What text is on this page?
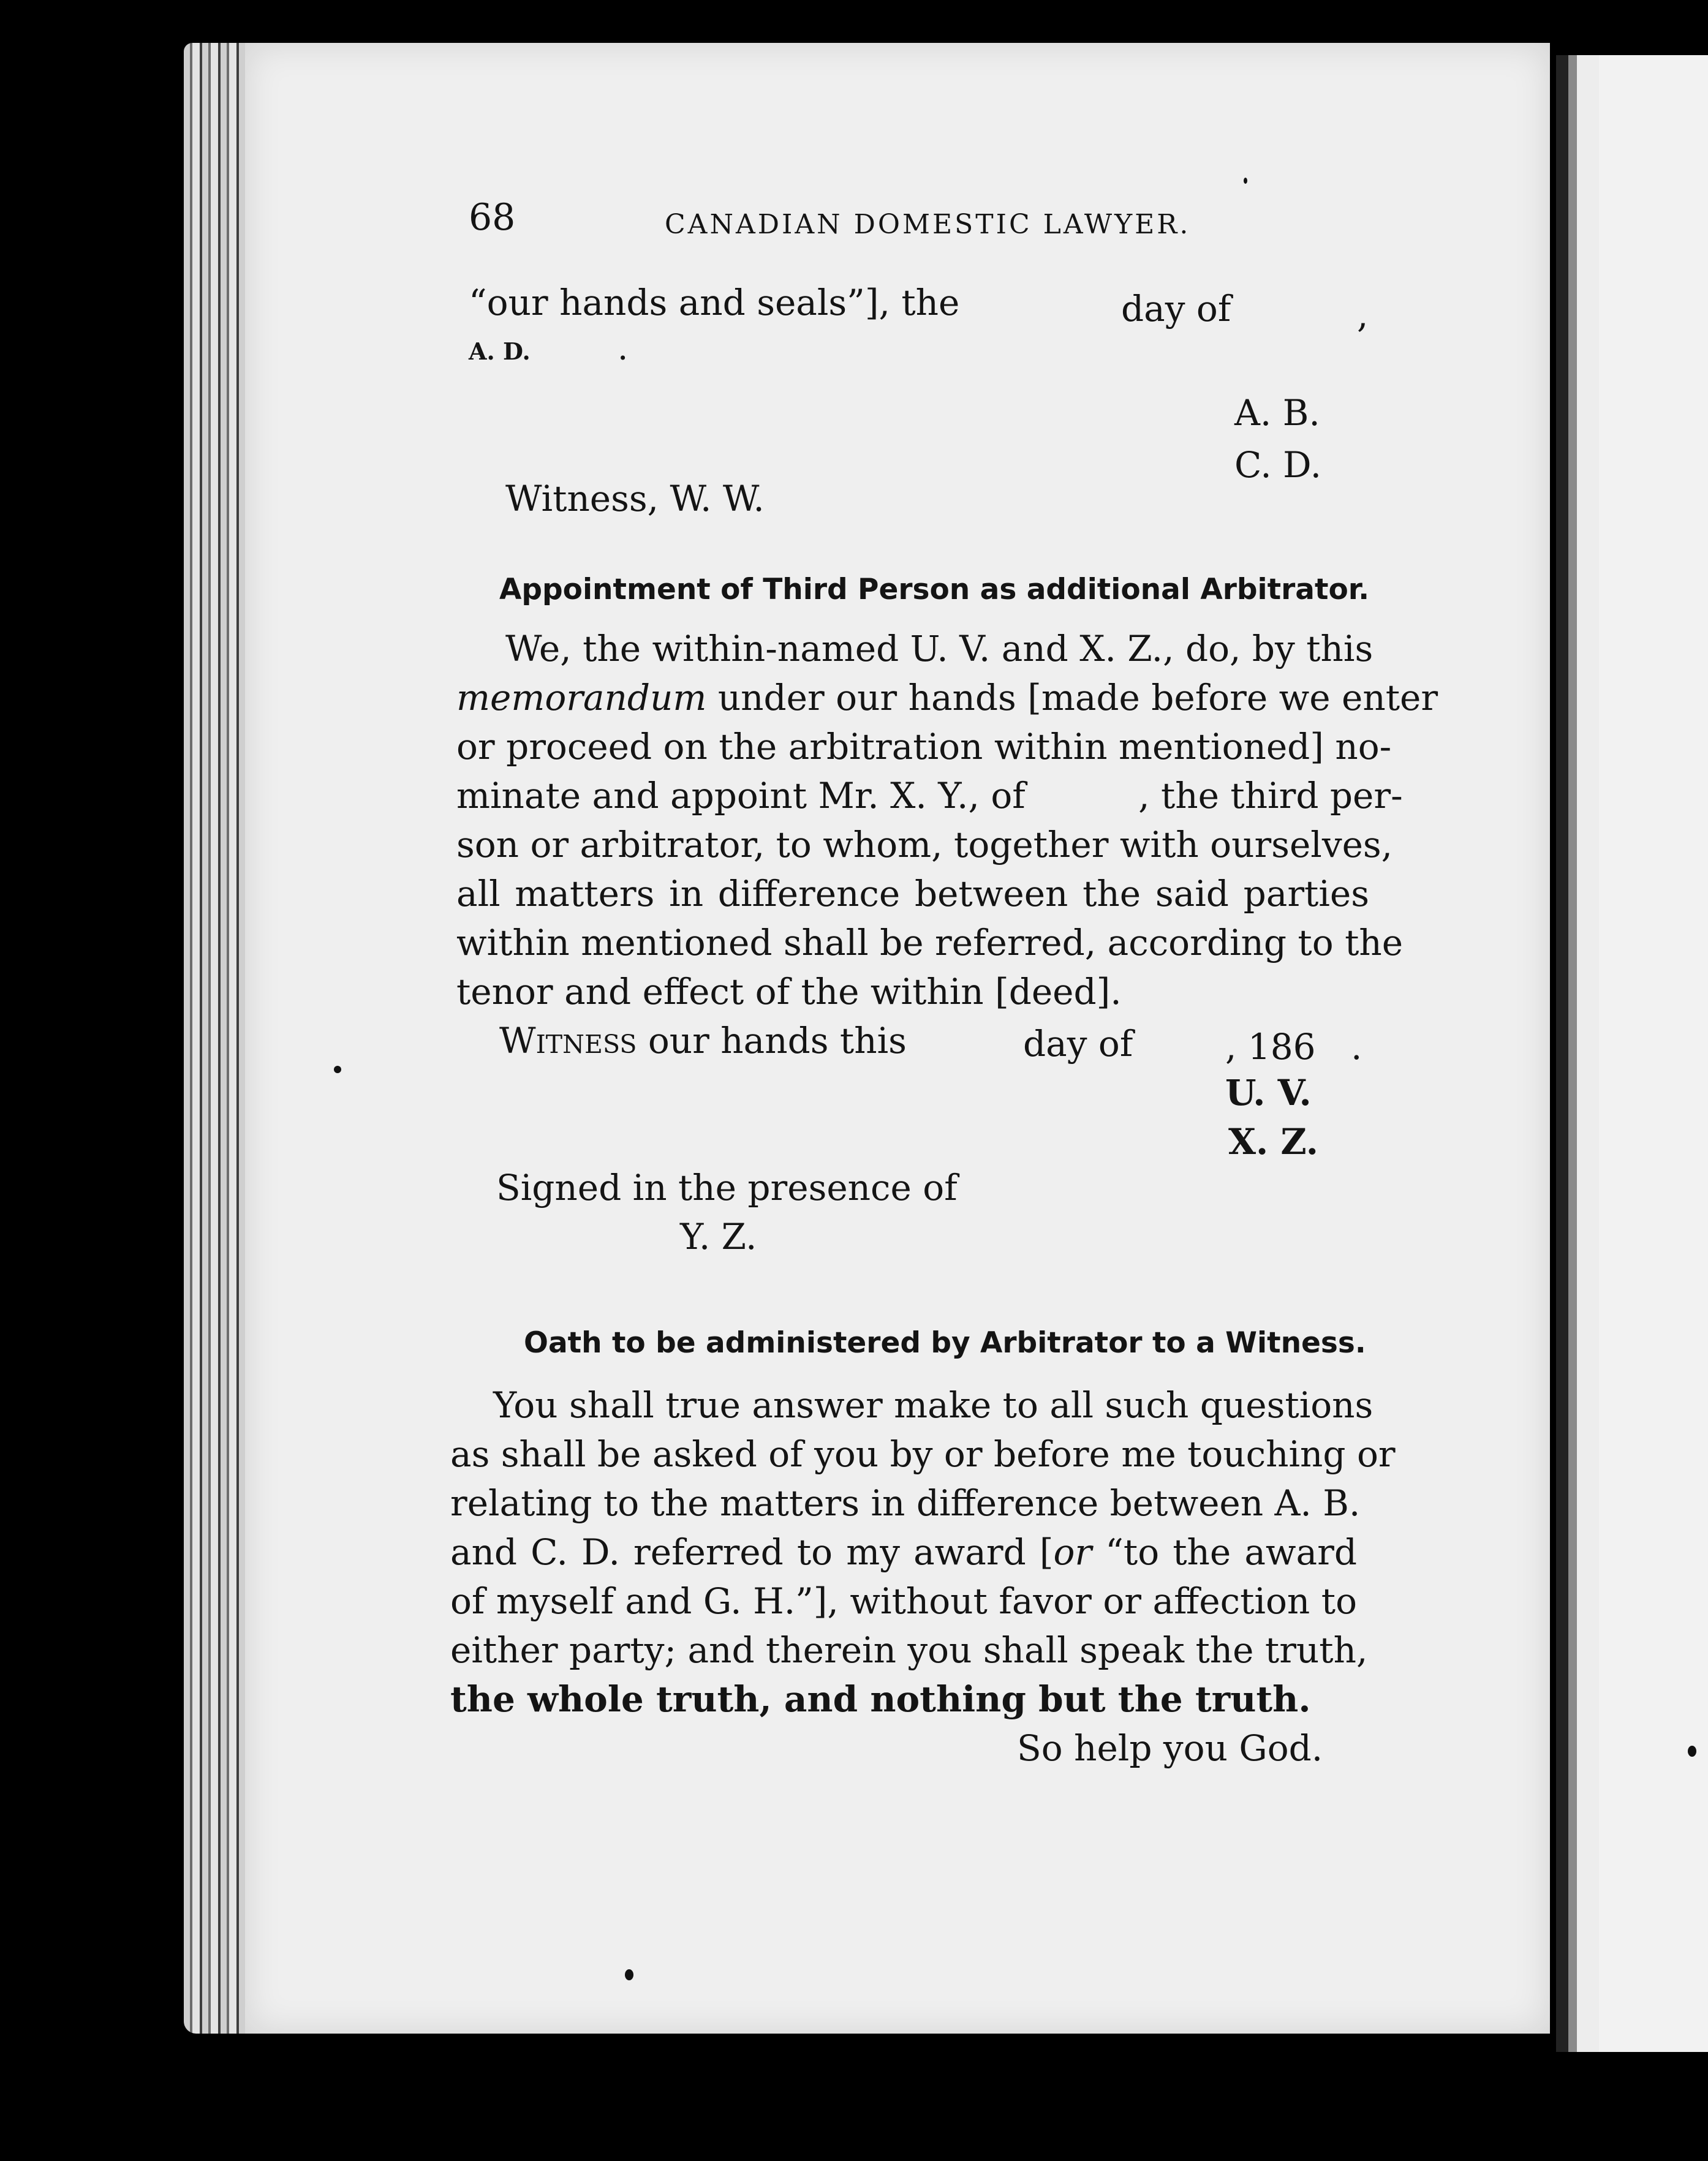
68	CANADIAN DOMESTIC LAWYER.
“our hands and seals”], the	day of	,
A. D.	.
A. B.
C. D.
Witness, W. W.
Appointment of Third Person as additional Arbitrator.
We, the within-named U. V. and X. Z., do, by this
memorandum under our hands [made before we enter
or proceed on the arbitration within mentioned] no-
minate and appoint Mr. X. Y., of          , the third per-
son or arbitrator, to whom, together with ourselves,
all matters in difference between the said parties
within mentioned shall be referred, according to the
tenor and effect of the within [deed].
Witness our hands this	day of	, 186 .
U. V.
X. Z.
Signed in the presence of
Y. Z.
Oath to be administered by Arbitrator to a Witness.
You shall true answer make to all such questions
as shall be asked of you by or before me touching or
relating to the matters in difference between A. B.
and C. D. referred to my award [or “to the award
of myself and G. H.”], without favor or affection to
either party; and therein you shall speak the truth,
the whole truth, and nothing but the truth.
So help you God.
